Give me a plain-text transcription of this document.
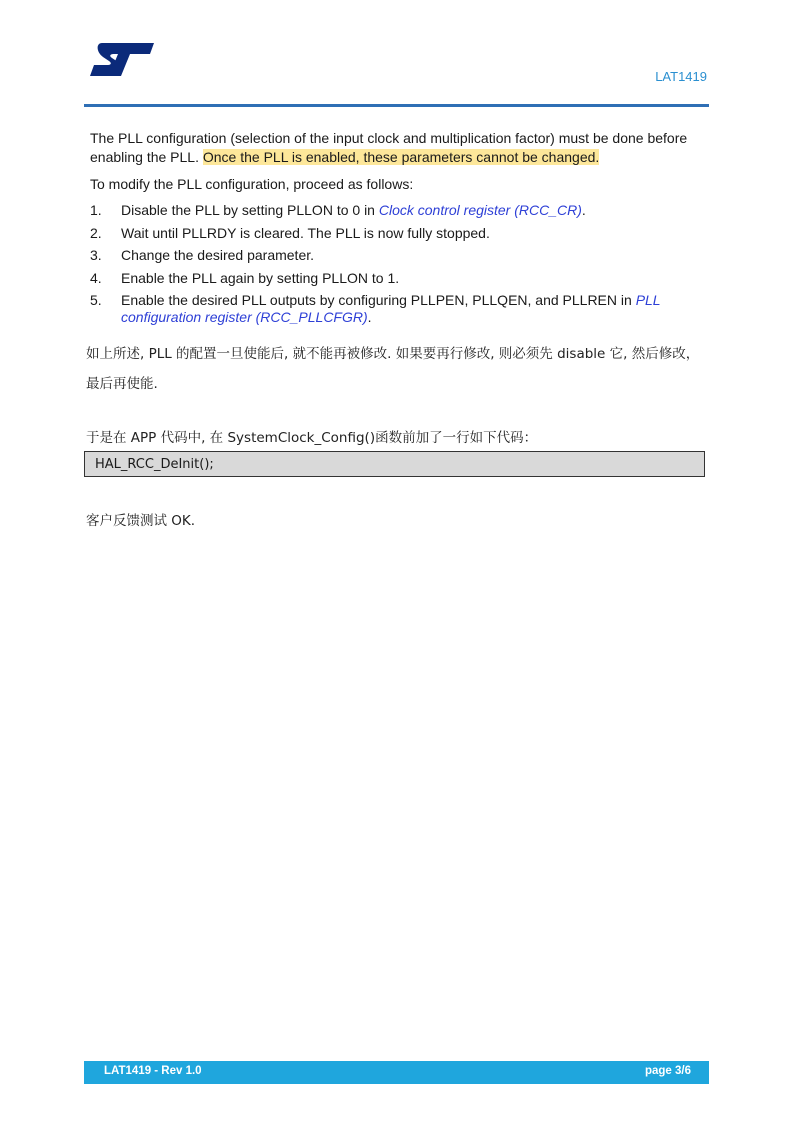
LAT1419

The PLL configuration (selection of the input clock and multiplication factor) must be done before enabling the PLL. Once the PLL is enabled, these parameters cannot be changed.

To modify the PLL configuration, proceed as follows:

1.	Disable the PLL by setting PLLON to 0 in Clock control register (RCC_CR).
2.	Wait until PLLRDY is cleared. The PLL is now fully stopped.
3.	Change the desired parameter.
4.	Enable the PLL again by setting PLLON to 1.
5.	Enable the desired PLL outputs by configuring PLLPEN, PLLQEN, and PLLREN in PLL configuration register (RCC_PLLCFGR).
如上所述, PLL 的配置一旦使能后, 就不能再被修改. 如果要再行修改, 则必须先 disable 它, 然后修改，最后再使能.
于是在 APP 代码中, 在 SystemClock_Config()函数前加了一行如下代码：
HAL_RCC_DeInit();
客户反馈测试 OK.
LAT1419 - Rev 1.0	page 3/6
